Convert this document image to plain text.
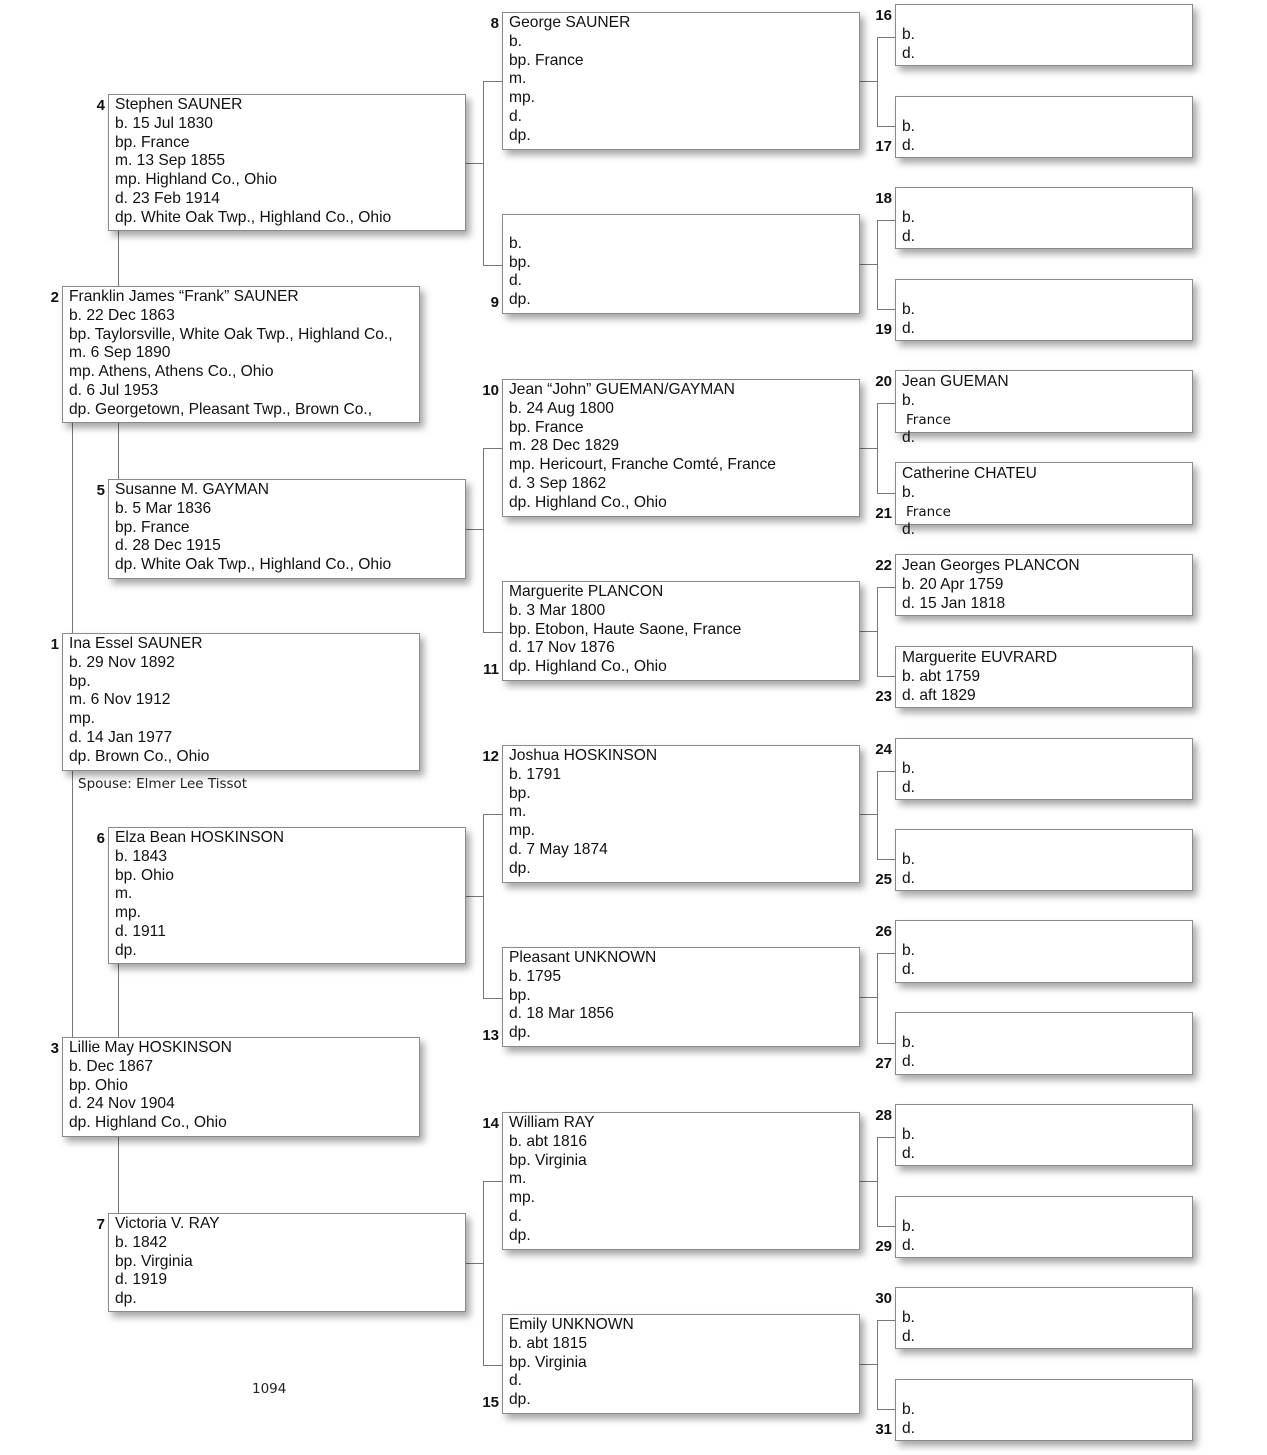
Ina Essel SAUNER
b. 29 Nov 1892
bp.
m. 6 Nov 1912
mp.
d. 14 Jan 1977
dp. Brown Co., Ohio
1
Franklin James “Frank” SAUNER
b. 22 Dec 1863
bp. Taylorsville, White Oak Twp., Highland Co.,
m. 6 Sep 1890
mp. Athens, Athens Co., Ohio
d. 6 Jul 1953
dp. Georgetown, Pleasant Twp., Brown Co.,
2
Lillie May HOSKINSON
b. Dec 1867
bp. Ohio
d. 24 Nov 1904
dp. Highland Co., Ohio
3
Stephen SAUNER
b. 15 Jul 1830
bp. France
m. 13 Sep 1855
mp. Highland Co., Ohio
d. 23 Feb 1914
dp. White Oak Twp., Highland Co., Ohio
4
Susanne M. GAYMAN
b. 5 Mar 1836
bp. France
d. 28 Dec 1915
dp. White Oak Twp., Highland Co., Ohio
5
Elza Bean HOSKINSON
b. 1843
bp. Ohio
m.
mp.
d. 1911
dp.
6
Victoria V. RAY
b. 1842
bp. Virginia
d. 1919
dp.
7
George SAUNER
b.
bp. France
m.
mp.
d.
dp.
8

b.
bp.
d.
dp.
9
Jean “John” GUEMAN/GAYMAN
b. 24 Aug 1800
bp. France
m. 28 Dec 1829
mp. Hericourt, Franche Comté, France
d. 3 Sep 1862
dp. Highland Co., Ohio
10
Marguerite PLANCON
b. 3 Mar 1800
bp. Etobon, Haute Saone, France
d. 17 Nov 1876
dp. Highland Co., Ohio
11
Joshua HOSKINSON
b. 1791
bp.
m.
mp.
d. 7 May 1874
dp.
12
Pleasant UNKNOWN
b. 1795
bp.
d. 18 Mar 1856
dp.
13
William RAY
b. abt 1816
bp. Virginia
m.
mp.
d.
dp.
14
Emily UNKNOWN
b. abt 1815
bp. Virginia
d.
dp.
15

b.
d.
16

b.
d.
17

b.
d.
18

b.
d.
19
Jean GUEMAN
b.
France
d.
20
Catherine CHATEU
b.
France
d.
21
Jean Georges PLANCON
b. 20 Apr 1759
d. 15 Jan 1818
22
Marguerite EUVRARD
b. abt 1759
d. aft 1829
23

b.
d.
24

b.
d.
25

b.
d.
26

b.
d.
27

b.
d.
28

b.
d.
29

b.
d.
30

b.
d.
31
Spouse: Elmer Lee Tissot
1094
